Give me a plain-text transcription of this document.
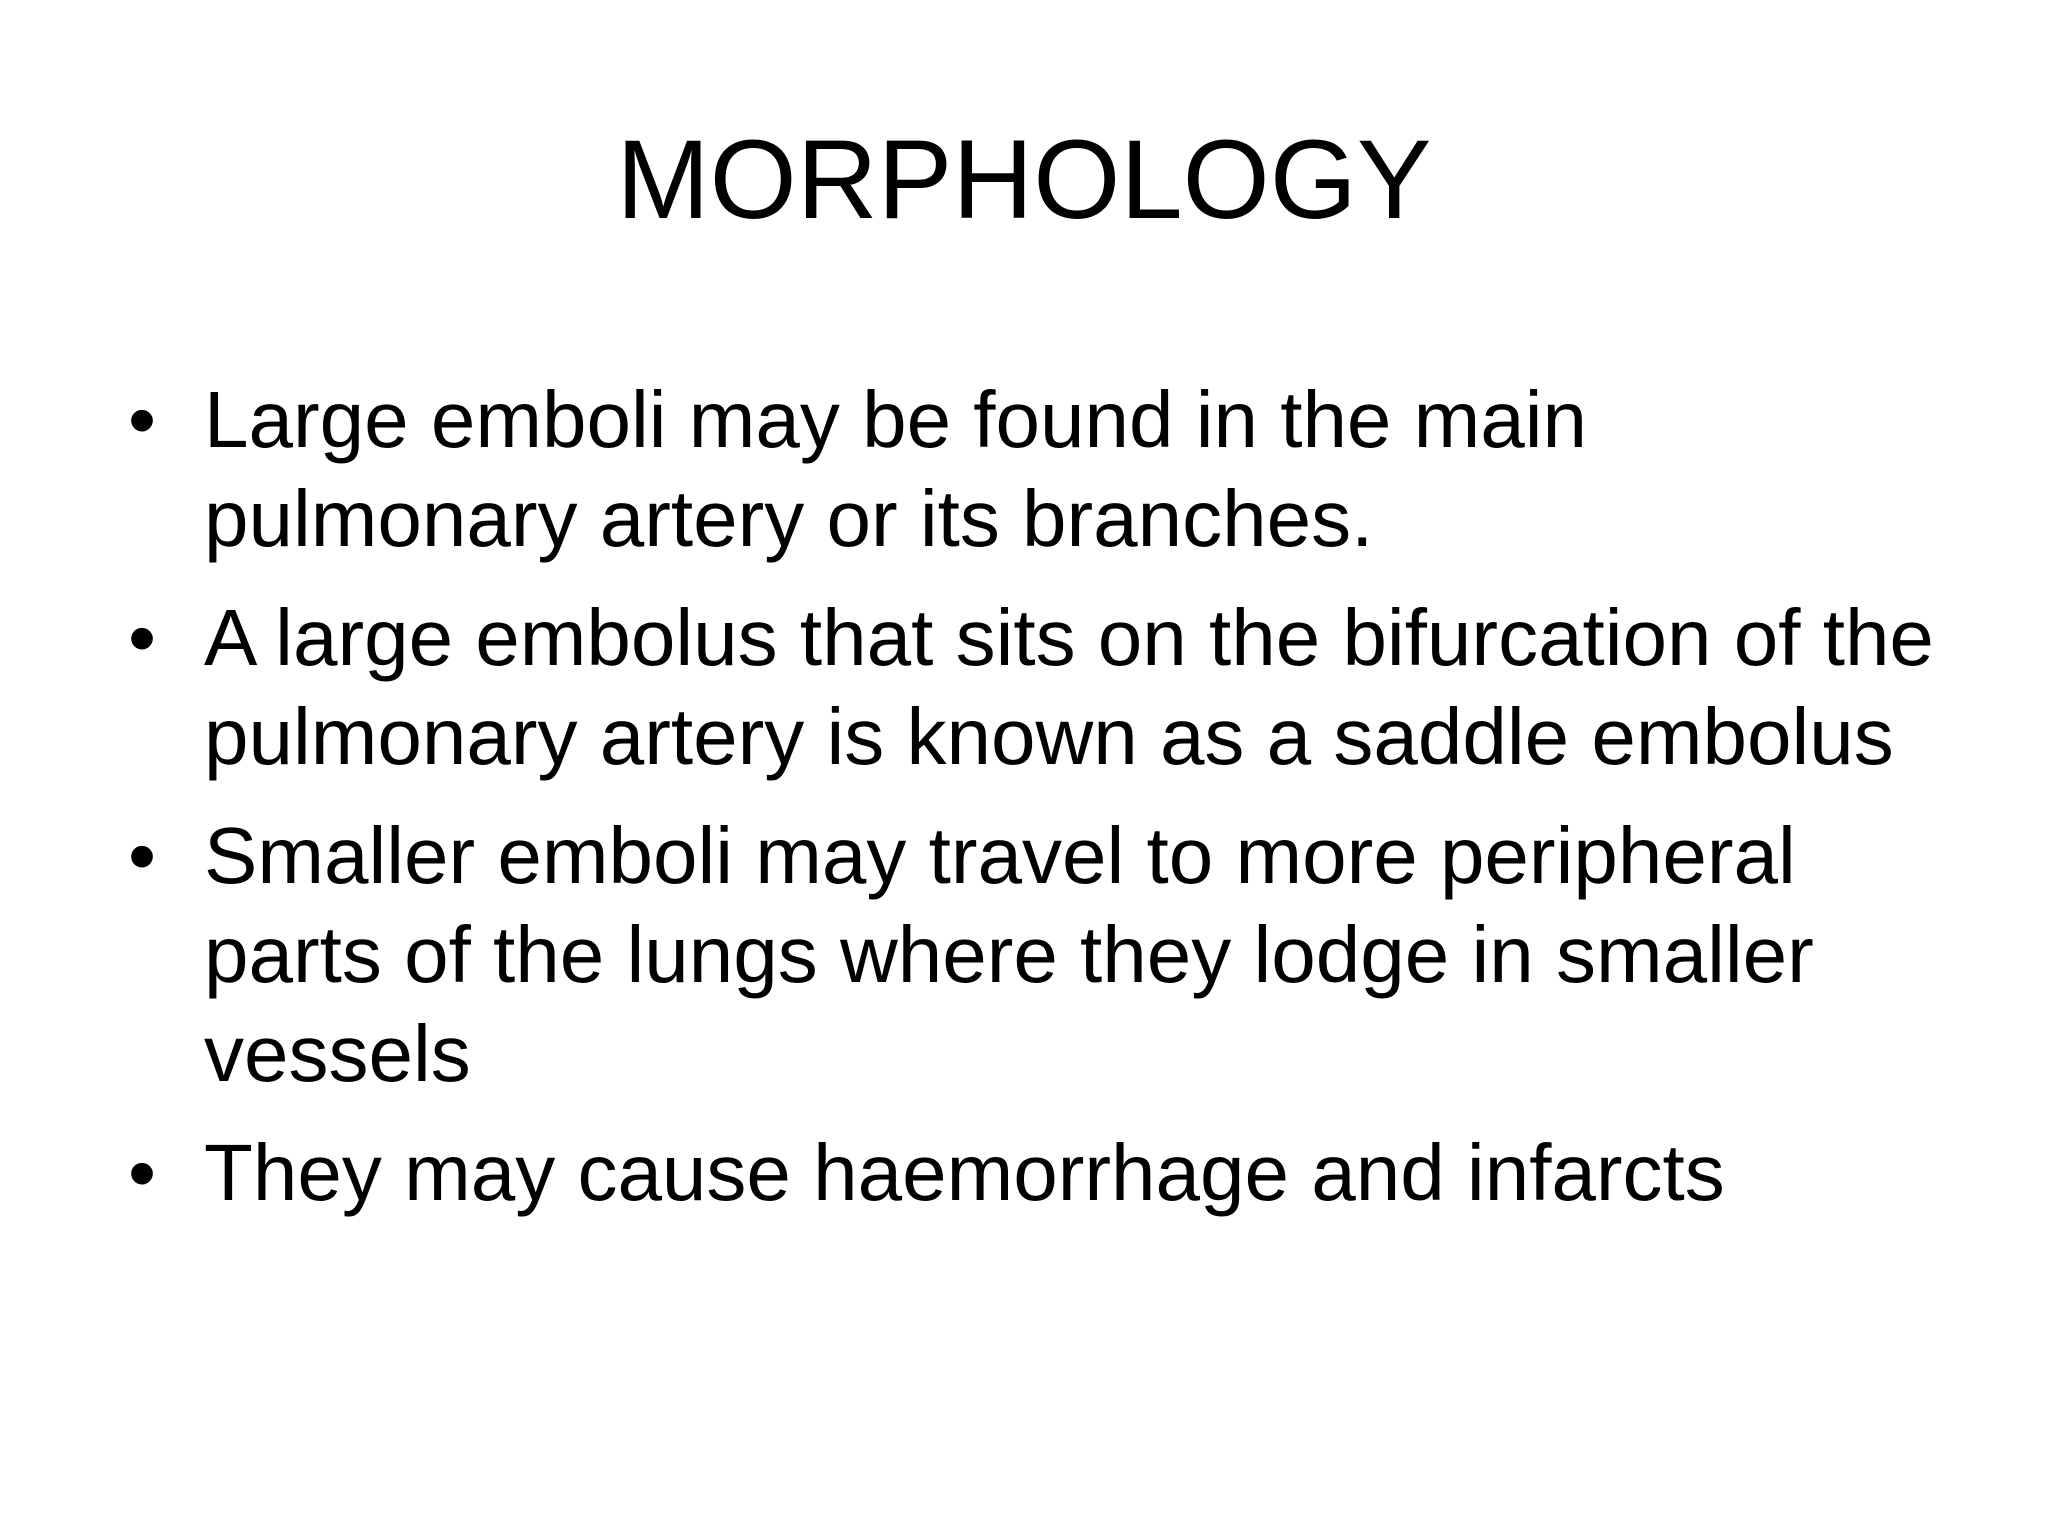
MORPHOLOGY
• Large emboli may be found in the main pulmonary artery or its branches.
• A large embolus that sits on the bifurcation of the pulmonary artery is known as a saddle embolus
• Smaller emboli may travel to more peripheral parts of the lungs where they lodge in smaller vessels
• They may cause haemorrhage and infarcts
